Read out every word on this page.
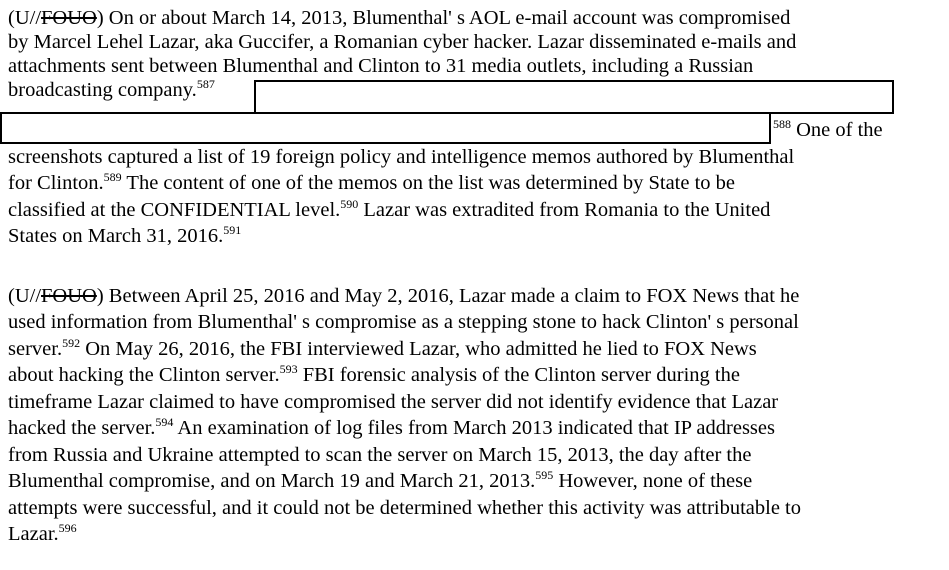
(U//FOUO) On or about March 14, 2013, Blumenthal' s AOL e-mail account was compromised
by Marcel Lehel Lazar, aka Guccifer, a Romanian cyber hacker. Lazar disseminated e-mails and
attachments sent between Blumenthal and Clinton to 31 media outlets, including a Russian
broadcasting company.$^{587}$
$^{588}$ One of the
screenshots captured a list of 19 foreign policy and intelligence memos authored by Blumenthal
for Clinton.$^{589}$ The content of one of the memos on the list was determined by State to be
classified at the CONFIDENTIAL level.$^{590}$ Lazar was extradited from Romania to the United
States on March 31, 2016.$^{591}$
(U//FOUO) Between April 25, 2016 and May 2, 2016, Lazar made a claim to FOX News that he
used information from Blumenthal' s compromise as a stepping stone to hack Clinton' s personal
server.$^{592}$ On May 26, 2016, the FBI interviewed Lazar, who admitted he lied to FOX News
about hacking the Clinton server.$^{593}$ FBI forensic analysis of the Clinton server during the
timeframe Lazar claimed to have compromised the server did not identify evidence that Lazar
hacked the server.$^{594}$ An examination of log files from March 2013 indicated that IP addresses
from Russia and Ukraine attempted to scan the server on March 15, 2013, the day after the
Blumenthal compromise, and on March 19 and March 21, 2013.$^{595}$ However, none of these
attempts were successful, and it could not be determined whether this activity was attributable to
Lazar.$^{596}$
